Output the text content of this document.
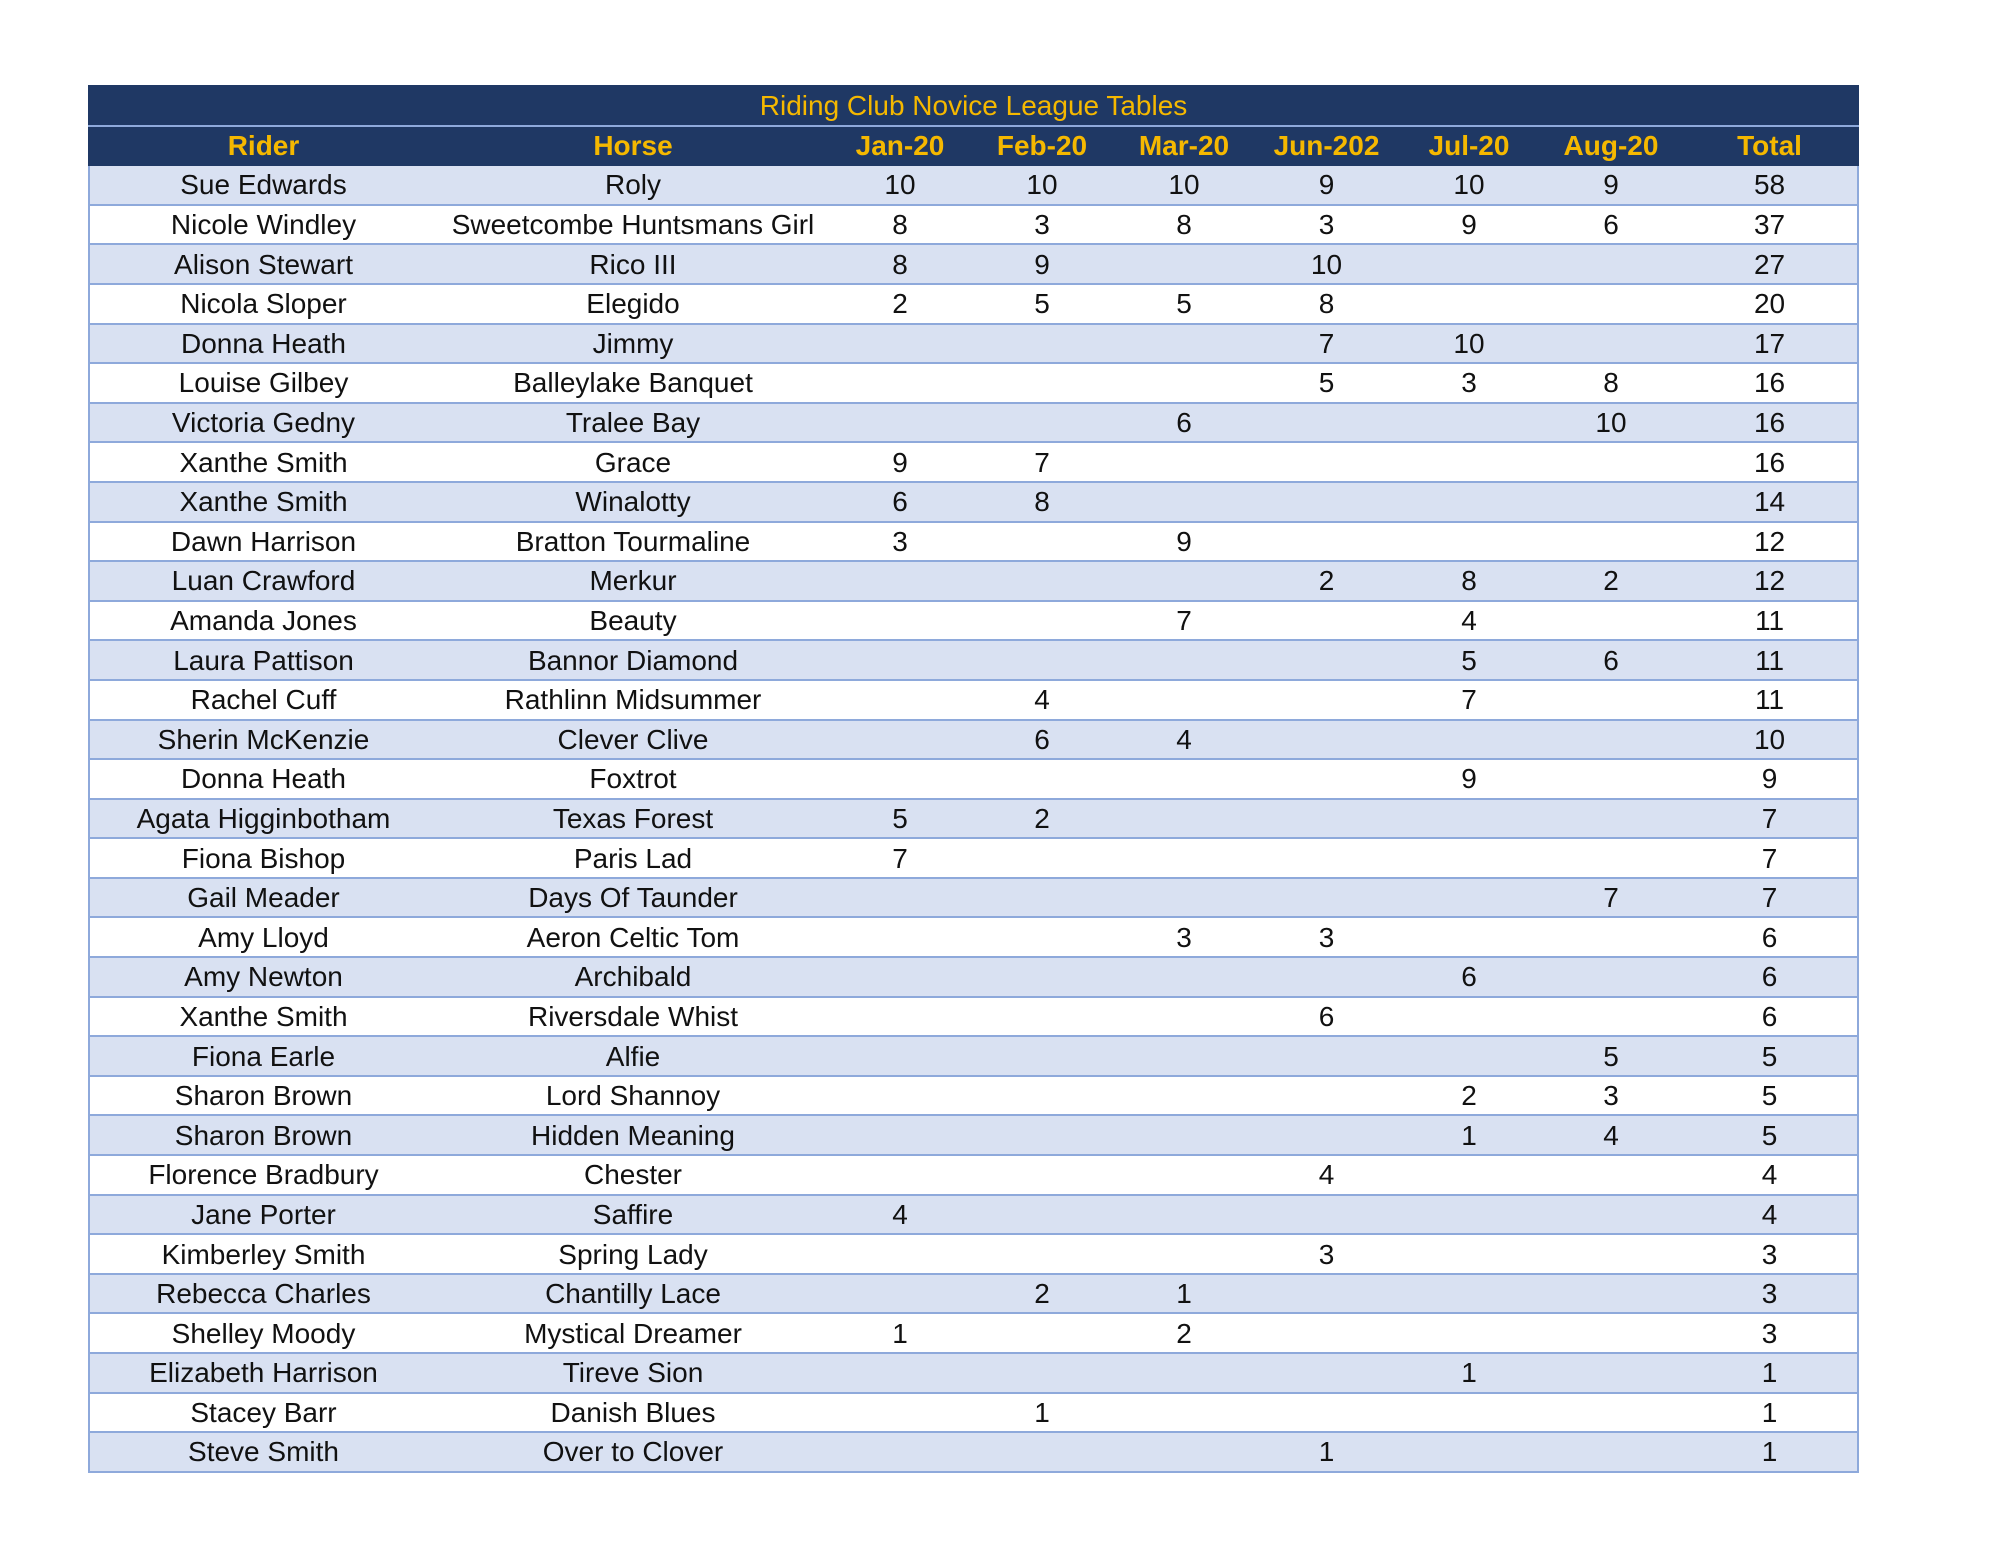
Riding Club Novice League Tables								
Rider	Horse	Jan-20	Feb-20	Mar-20	Jun-202	Jul-20	Aug-20	Total
Sue Edwards	Roly	10	10	10	9	10	9	58
Nicole Windley	Sweetcombe Huntsmans Girl	8	3	8	3	9	6	37
Alison Stewart	Rico III	8	9		10			27
Nicola Sloper	Elegido	2	5	5	8			20
Donna Heath	Jimmy				7	10		17
Louise Gilbey	Balleylake Banquet				5	3	8	16
Victoria Gedny	Tralee Bay			6			10	16
Xanthe Smith	Grace	9	7					16
Xanthe Smith	Winalotty	6	8					14
Dawn Harrison	Bratton Tourmaline	3		9				12
Luan Crawford	Merkur				2	8	2	12
Amanda Jones	Beauty			7		4		11
Laura Pattison	Bannor Diamond					5	6	11
Rachel Cuff	Rathlinn Midsummer		4			7		11
Sherin McKenzie	Clever Clive		6	4				10
Donna Heath	Foxtrot					9		9
Agata Higginbotham	Texas Forest	5	2					7
Fiona Bishop	Paris Lad	7						7
Gail Meader	Days Of Taunder						7	7
Amy Lloyd	Aeron Celtic Tom			3	3			6
Amy Newton	Archibald					6		6
Xanthe Smith	Riversdale Whist				6			6
Fiona Earle	Alfie						5	5
Sharon Brown	Lord Shannoy					2	3	5
Sharon Brown	Hidden Meaning					1	4	5
Florence Bradbury	Chester				4			4
Jane Porter	Saffire	4						4
Kimberley Smith	Spring Lady				3			3
Rebecca Charles	Chantilly Lace		2	1				3
Shelley Moody	Mystical Dreamer	1		2				3
Elizabeth Harrison	Tireve Sion					1		1
Stacey Barr	Danish Blues		1					1
Steve Smith	Over to Clover				1			1
